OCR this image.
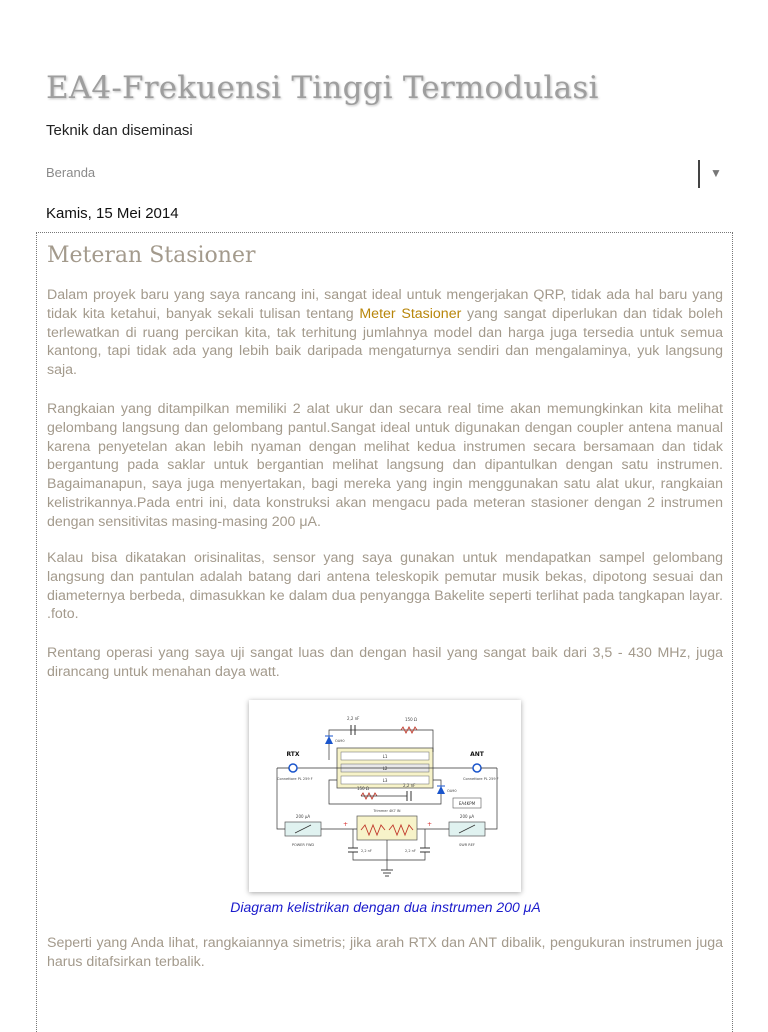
EA4-Frekuensi Tinggi Termodulasi
Teknik dan diseminasi
Beranda	▼
Kamis, 15 Mei 2014
Meteran Stasioner

Dalam proyek baru yang saya rancang ini, sangat ideal untuk mengerjakan QRP, tidak ada hal baru yang tidak kita ketahui, banyak sekali tulisan tentang Meter Stasioner yang sangat diperlukan dan tidak boleh terlewatkan di ruang percikan kita, tak terhitung jumlahnya model dan harga juga tersedia untuk semua kantong, tapi tidak ada yang lebih baik daripada mengaturnya sendiri dan mengalaminya, yuk langsung saja.

Rangkaian yang ditampilkan memiliki 2 alat ukur dan secara real time akan memungkinkan kita melihat gelombang langsung dan gelombang pantul.Sangat ideal untuk digunakan dengan coupler antena manual karena penyetelan akan lebih nyaman dengan melihat kedua instrumen secara bersamaan dan tidak bergantung pada saklar untuk bergantian melihat langsung dan dipantulkan dengan satu instrumen. Bagaimanapun, saya juga menyertakan, bagi mereka yang ingin menggunakan satu alat ukur, rangkaian kelistrikannya.Pada entri ini, data konstruksi akan mengacu pada meteran stasioner dengan 2 instrumen dengan sensitivitas masing-masing 200 μA.

Kalau bisa dikatakan orisinalitas, sensor yang saya gunakan untuk mendapatkan sampel gelombang langsung dan pantulan adalah batang dari antena teleskopik pemutar musik bekas, dipotong sesuai dan diameternya berbeda, dimasukkan ke dalam dua penyangga Bakelite seperti terlihat pada tangkapan layar. .foto.

Rentang operasi yang saya uji sangat luas dan dengan hasil yang sangat baik dari 3,5 - 430 MHz, juga dirancang untuk menahan daya watt.

L1
L2
L3
RTX	ANT
Connettore PL 259 F	Connettore PL 259 F
2,2 nF	150 Ω
OA90
150 Ω
2,2 nF
OA90
EA4KPM
Trimmer 4K7 IN
200 μA
POWER FWD
200 μA
SWR REF
+	+
2,2 nF	2,2 nF
Diagram kelistrikan dengan dua instrumen 200 μA

Seperti yang Anda lihat, rangkaiannya simetris; jika arah RTX dan ANT dibalik, pengukuran instrumen juga harus ditafsirkan terbalik.
